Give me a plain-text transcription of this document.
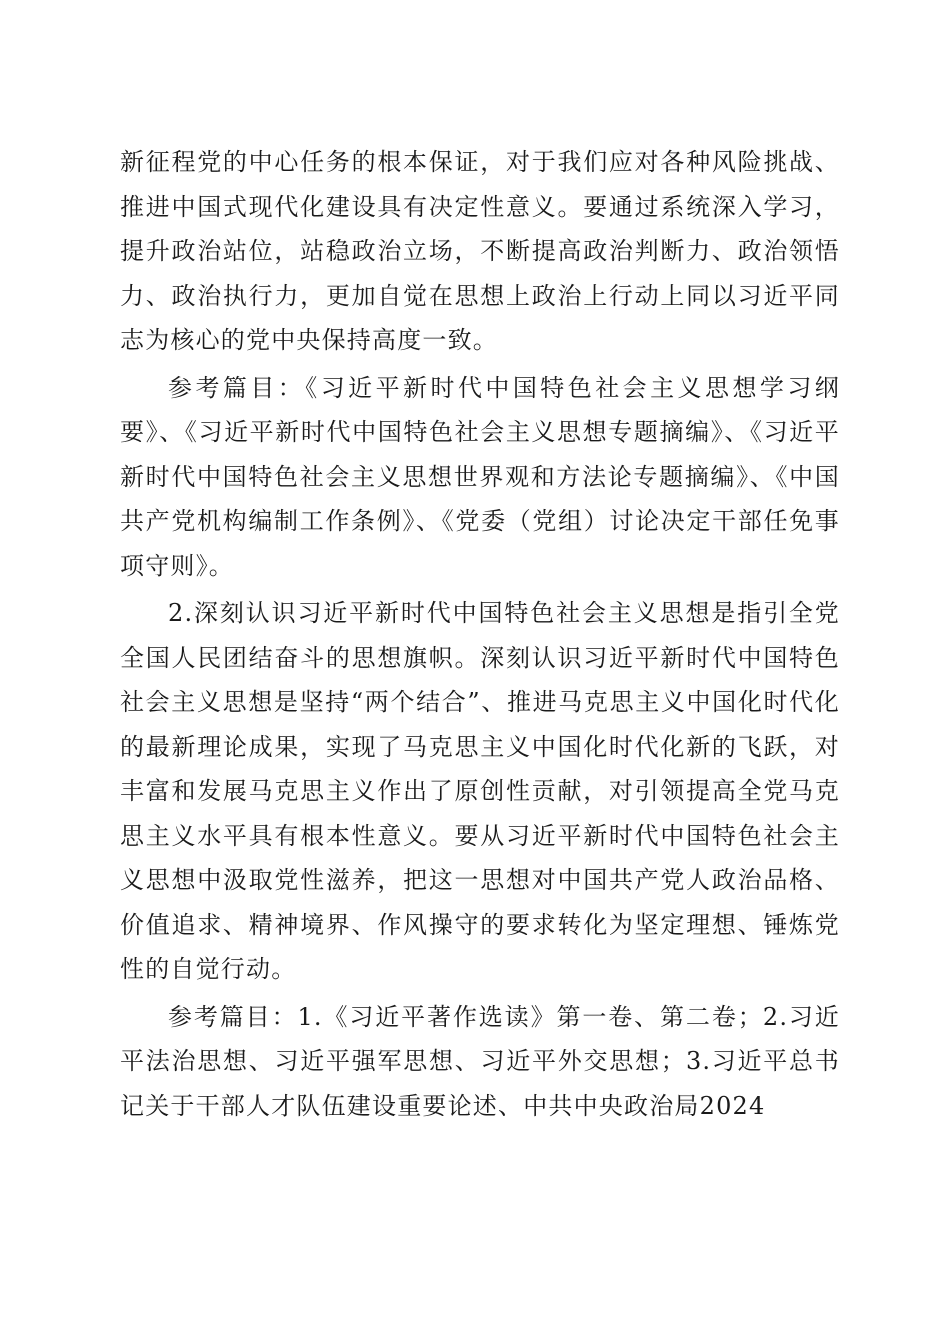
新征程党的中心任务的根本保证，对于我们应对各种风险挑战、推进中国式现代化建设具有决定性意义。要通过系统深入学习，提升政治站位，站稳政治立场，不断提高政治判断力、政治领悟力、政治执行力，更加自觉在思想上政治上行动上同以习近平同志为核心的党中央保持高度一致。

参考篇目：《习近平新时代中国特色社会主义思想学习纲要》、《习近平新时代中国特色社会主义思想专题摘编》、《习近平新时代中国特色社会主义思想世界观和方法论专题摘编》、《中国共产党机构编制工作条例》、《党委（党组）讨论决定干部任免事项守则》。

2.深刻认识习近平新时代中国特色社会主义思想是指引全党全国人民团结奋斗的思想旗帜。深刻认识习近平新时代中国特色社会主义思想是坚持“两个结合”、推进马克思主义中国化时代化的最新理论成果，实现了马克思主义中国化时代化新的飞跃，对丰富和发展马克思主义作出了原创性贡献，对引领提高全党马克思主义水平具有根本性意义。要从习近平新时代中国特色社会主义思想中汲取党性滋养，把这一思想对中国共产党人政治品格、价值追求、精神境界、作风操守的要求转化为坚定理想、锤炼党性的自觉行动。

参考篇目：1.《习近平著作选读》第一卷、第二卷；2.习近平法治思想、习近平强军思想、习近平外交思想；3.习近平总书记关于干部人才队伍建设重要论述、中共中央政治局2024
